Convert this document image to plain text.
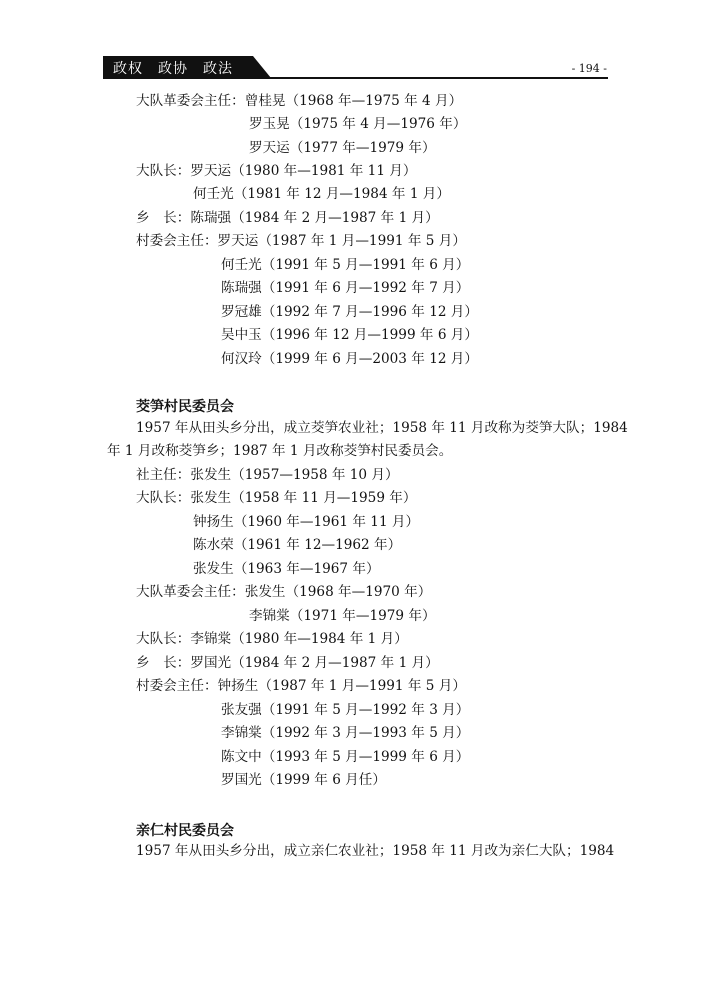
政权　政协　政法	- 194 -
大队革委会主任：曾桂晃（1968 年—1975 年 4 月）
罗玉晃（1975 年 4 月—1976 年）
罗天运（1977 年—1979 年）
大队长：罗天运（1980 年—1981 年 11 月）
何壬光（1981 年 12 月—1984 年 1 月）
乡　长：陈瑞强（1984 年 2 月—1987 年 1 月）
村委会主任：罗天运（1987 年 1 月—1991 年 5 月）
何壬光（1991 年 5 月—1991 年 6 月）
陈瑞强（1991 年 6 月—1992 年 7 月）
罗冠雄（1992 年 7 月—1996 年 12 月）
吴中玉（1996 年 12 月—1999 年 6 月）
何汉玲（1999 年 6 月—2003 年 12 月）
茭笋村民委员会
1957 年从田头乡分出，成立茭笋农业社；1958 年 11 月改称为茭笋大队；1984
年 1 月改称茭笋乡；1987 年 1 月改称茭笋村民委员会。
社主任：张发生（1957—1958 年 10 月）
大队长：张发生（1958 年 11 月—1959 年）
钟扬生（1960 年—1961 年 11 月）
陈水荣（1961 年 12—1962 年）
张发生（1963 年—1967 年）
大队革委会主任：张发生（1968 年—1970 年）
李锦棠（1971 年—1979 年）
大队长：李锦棠（1980 年—1984 年 1 月）
乡　长：罗国光（1984 年 2 月—1987 年 1 月）
村委会主任：钟扬生（1987 年 1 月—1991 年 5 月）
张友强（1991 年 5 月—1992 年 3 月）
李锦棠（1992 年 3 月—1993 年 5 月）
陈文中（1993 年 5 月—1999 年 6 月）
罗国光（1999 年 6 月任）
亲仁村民委员会
1957 年从田头乡分出，成立亲仁农业社；1958 年 11 月改为亲仁大队；1984
